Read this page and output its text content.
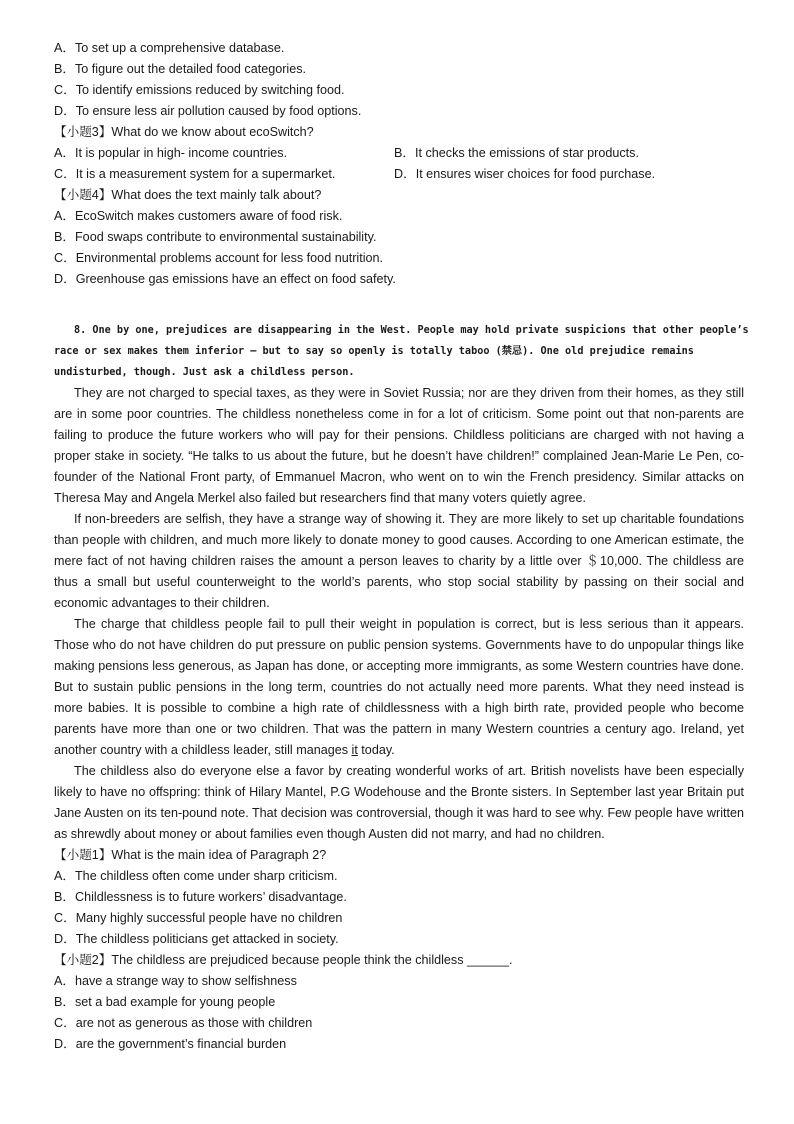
A．To set up a comprehensive database.
B．To figure out the detailed food categories.
C．To identify emissions reduced by switching food.
D．To ensure less air pollution caused by food options.
【小题3】What do we know about ecoSwitch?
A．It is popular in high- income countries.	B．It checks the emissions of star products.
C．It is a measurement system for a supermarket.	D．It ensures wiser choices for food purchase.
【小题4】What does the text mainly talk about?
A．EcoSwitch makes customers aware of food risk.
B．Food swaps contribute to environmental sustainability.
C．Environmental problems account for less food nutrition.
D．Greenhouse gas emissions have an effect on food safety.
8. One by one, prejudices are disappearing in the West. People may hold private suspicions that other people’s
race or sex makes them inferior — but to say so openly is totally taboo (禁忌). One old prejudice remains
undisturbed, though. Just ask a childless person.

They are not charged to special taxes, as they were in Soviet Russia; nor are they driven from their homes, as they still are in some poor countries. The childless nonetheless come in for a lot of criticism. Some point out that non-parents are failing to produce the future workers who will pay for their pensions. Childless politicians are charged with not having a proper stake in society. “He talks to us about the future, but he doesn’t have children!” complained Jean-Marie Le Pen, co-founder of the National Front party, of Emmanuel Macron, who went on to win the French presidency. Similar attacks on Theresa May and Angela Merkel also failed but researchers find that many voters quietly agree.

If non-breeders are selfish, they have a strange way of showing it. They are more likely to set up charitable foundations than people with children, and much more likely to donate money to good causes. According to one American estimate, the mere fact of not having children raises the amount a person leaves to charity by a little over ＄10,000. The childless are thus a small but useful counterweight to the world’s parents, who stop social stability by passing on their social and economic advantages to their children.

The charge that childless people fail to pull their weight in population is correct, but is less serious than it appears. Those who do not have children do put pressure on public pension systems. Governments have to do unpopular things like making pensions less generous, as Japan has done, or accepting more immigrants, as some Western countries have done. But to sustain public pensions in the long term, countries do not actually need more parents. What they need instead is more babies. It is possible to combine a high rate of childlessness with a high birth rate, provided people who become parents have more than one or two children. That was the pattern in many Western countries a century ago. Ireland, yet another country with a childless leader, still manages it today.

The childless also do everyone else a favor by creating wonderful works of art. British novelists have been especially likely to have no offspring: think of Hilary Mantel, P.G Wodehouse and the Bronte sisters. In September last year Britain put Jane Austen on its ten-pound note. That decision was controversial, though it was hard to see why. Few people have written as shrewdly about money or about families even though Austen did not marry, and had no children.

【小题1】What is the main idea of Paragraph 2?
A．The childless often come under sharp criticism.
B．Childlessness is to future workers’ disadvantage.
C．Many highly successful people have no children
D．The childless politicians get attacked in society.
【小题2】The childless are prejudiced because people think the childless ______.
A．have a strange way to show selfishness
B．set a bad example for young people
C．are not as generous as those with children
D．are the government’s financial burden
